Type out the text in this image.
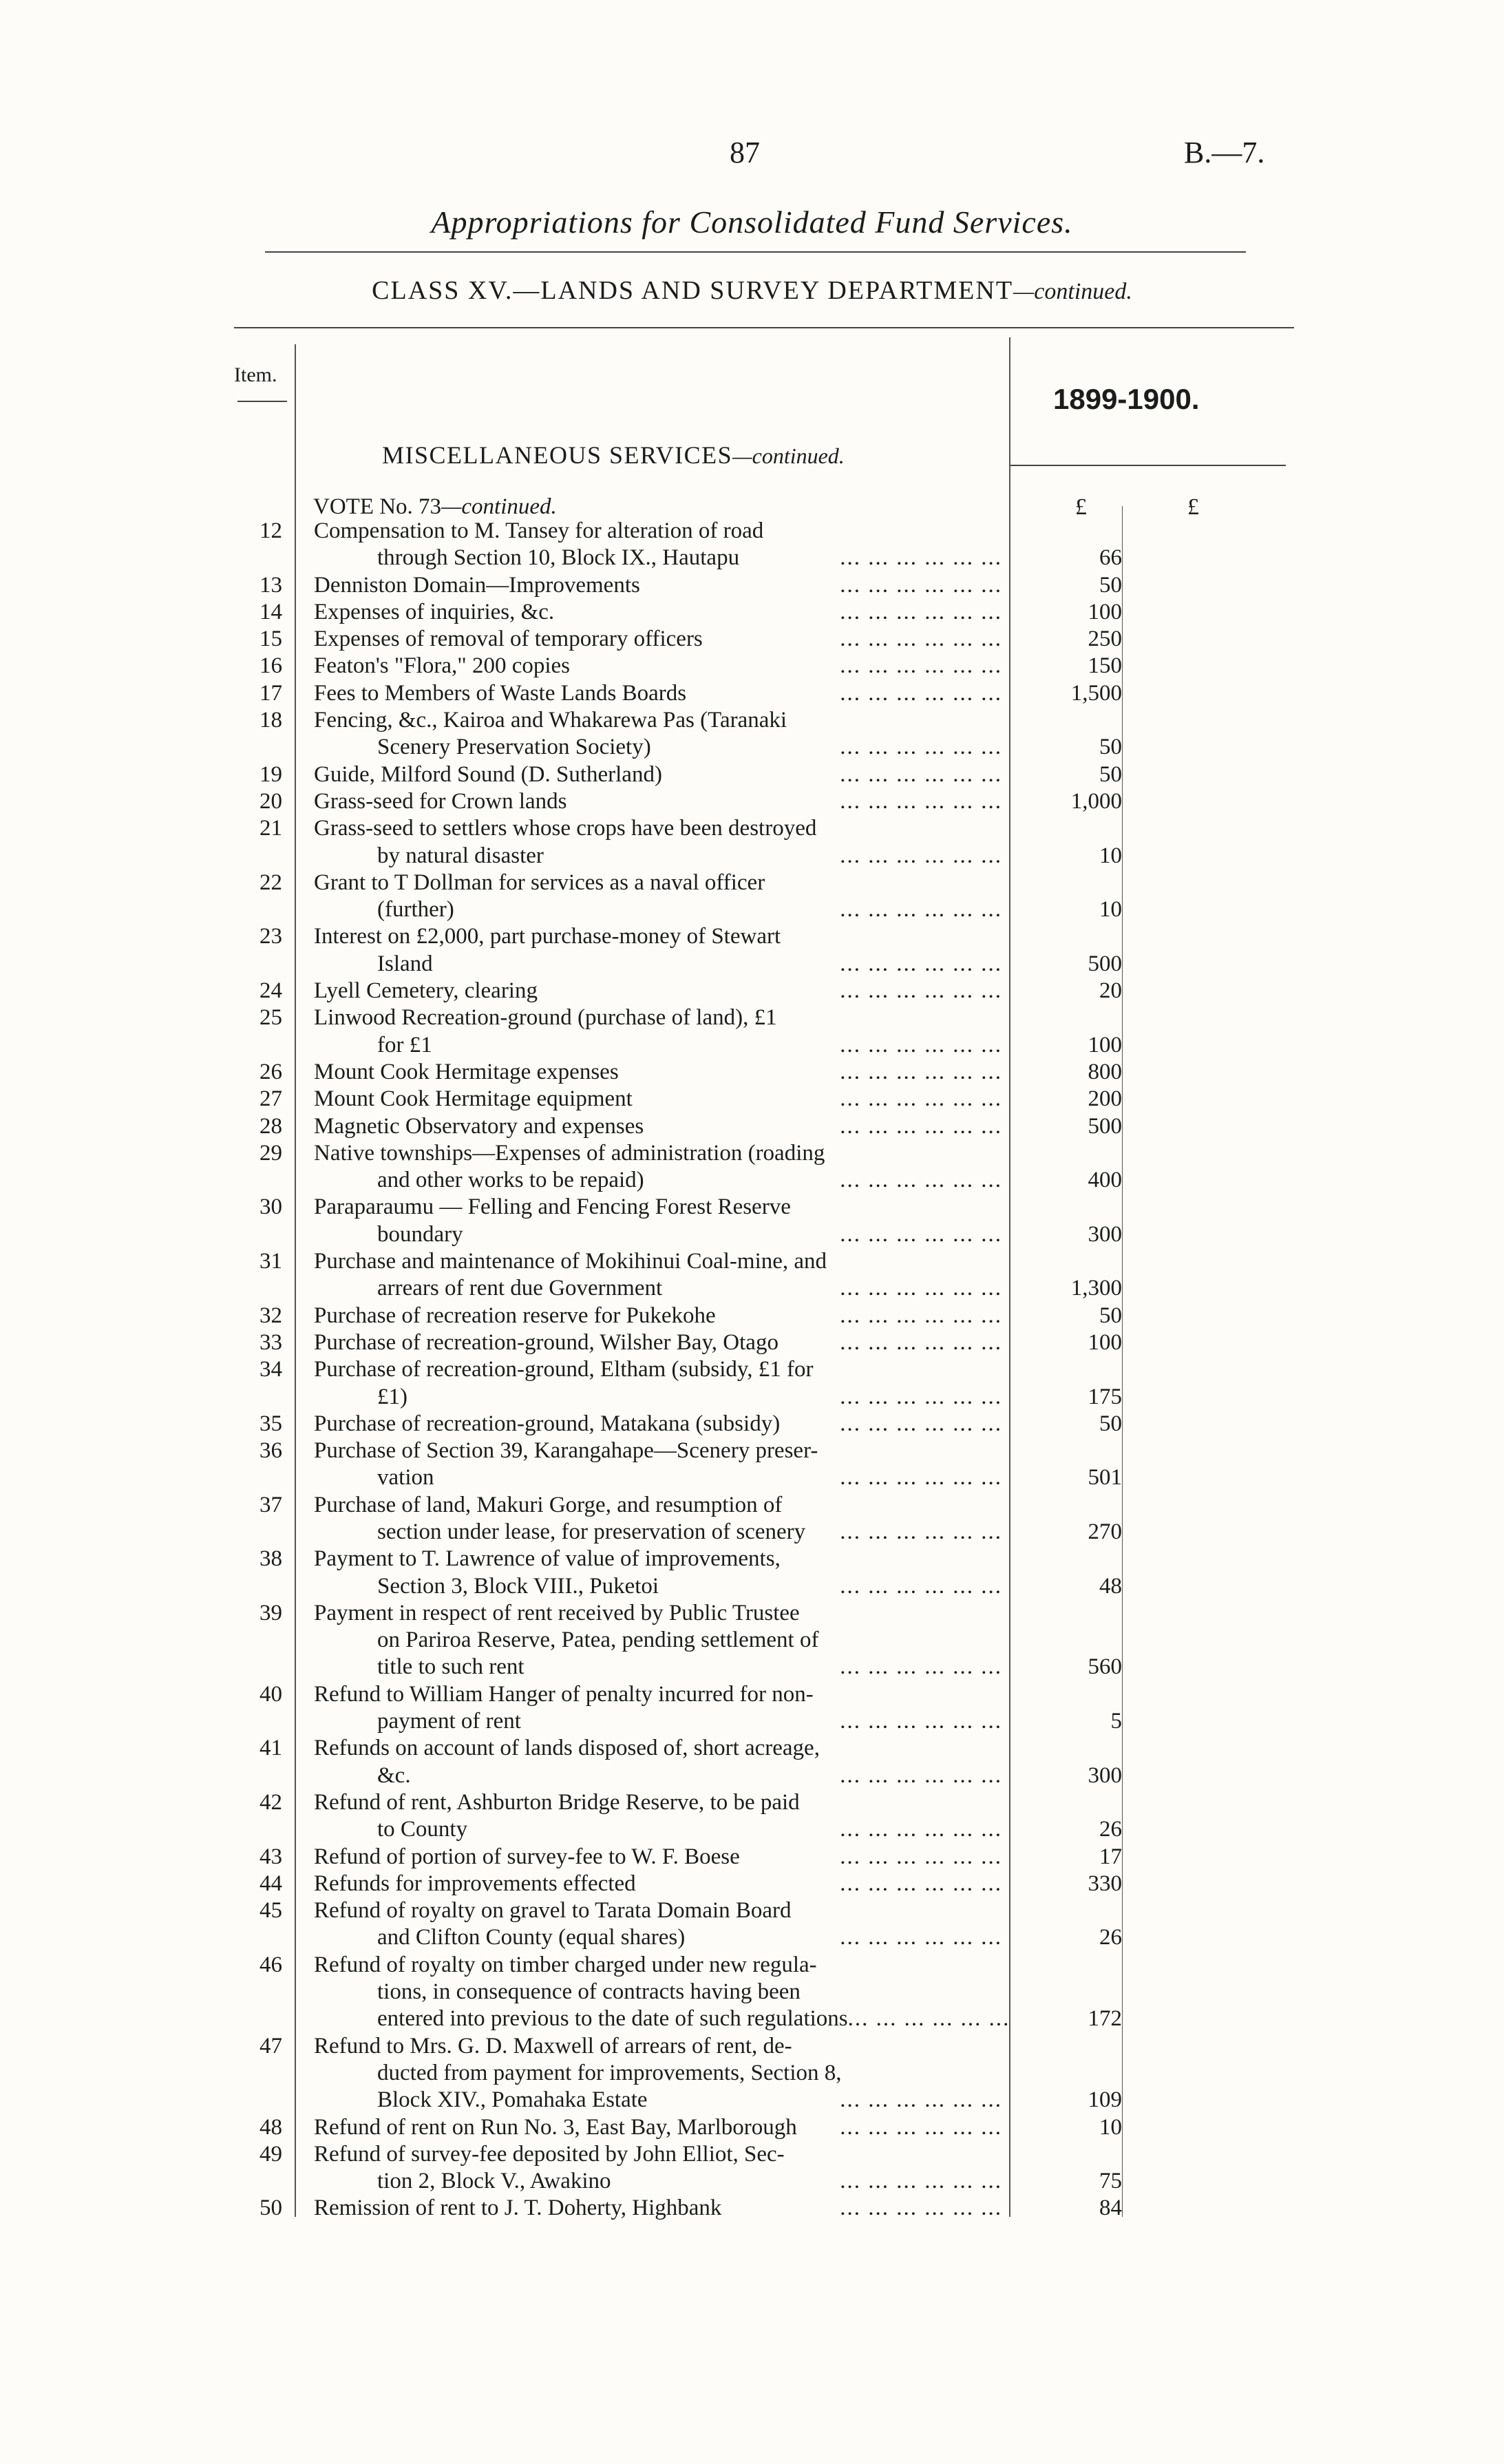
87	B.—7.
Appropriations for Consolidated Fund Services.
CLASS XV.—LANDS AND SURVEY DEPARTMENT—continued.
Item.
1899-1900.
MISCELLANEOUS SERVICES—continued.
VOTE No. 73—continued.	£	£
12 Compensation to M. Tansey for alteration of road
through Section 10, Block IX., Hautapu	... ... ... ... ... ...	66
13 Denniston Domain—Improvements	... ... ... ... ... ...	50
14 Expenses of inquiries, &c.	... ... ... ... ... ...	100
15 Expenses of removal of temporary officers	... ... ... ... ... ...	250
16 Featon's "Flora," 200 copies	... ... ... ... ... ...	150
17 Fees to Members of Waste Lands Boards	... ... ... ... ... ...	1,500
18 Fencing, &c., Kairoa and Whakarewa Pas (Taranaki
Scenery Preservation Society)	... ... ... ... ... ...	50
19 Guide, Milford Sound (D. Sutherland)	... ... ... ... ... ...	50
20 Grass-seed for Crown lands	... ... ... ... ... ...	1,000
21 Grass-seed to settlers whose crops have been destroyed
by natural disaster	... ... ... ... ... ...	10
22 Grant to T Dollman for services as a naval officer
(further)	... ... ... ... ... ...	10
23 Interest on £2,000, part purchase-money of Stewart
Island	... ... ... ... ... ...	500
24 Lyell Cemetery, clearing	... ... ... ... ... ...	20
25 Linwood Recreation-ground (purchase of land), £1
for £1	... ... ... ... ... ...	100
26 Mount Cook Hermitage expenses	... ... ... ... ... ...	800
27 Mount Cook Hermitage equipment	... ... ... ... ... ...	200
28 Magnetic Observatory and expenses	... ... ... ... ... ...	500
29 Native townships—Expenses of administration (roading
and other works to be repaid)	... ... ... ... ... ...	400
30 Paraparaumu — Felling and Fencing Forest Reserve
boundary	... ... ... ... ... ...	300
31 Purchase and maintenance of Mokihinui Coal-mine, and
arrears of rent due Government	... ... ... ... ... ...	1,300
32 Purchase of recreation reserve for Pukekohe	... ... ... ... ... ...	50
33 Purchase of recreation-ground, Wilsher Bay, Otago	... ... ... ... ... ...	100
34 Purchase of recreation-ground, Eltham (subsidy, £1 for
£1)	... ... ... ... ... ...	175
35 Purchase of recreation-ground, Matakana (subsidy)	... ... ... ... ... ...	50
36 Purchase of Section 39, Karangahape—Scenery preser-
vation	... ... ... ... ... ...	501
37 Purchase of land, Makuri Gorge, and resumption of
section under lease, for preservation of scenery	... ... ... ... ... ...	270
38 Payment to T. Lawrence of value of improvements,
Section 3, Block VIII., Puketoi	... ... ... ... ... ...	48
39 Payment in respect of rent received by Public Trustee
on Pariroa Reserve, Patea, pending settlement of
title to such rent	... ... ... ... ... ...	560
40 Refund to William Hanger of penalty incurred for non-
payment of rent	... ... ... ... ... ...	5
41 Refunds on account of lands disposed of, short acreage,
&c.	... ... ... ... ... ...	300
42 Refund of rent, Ashburton Bridge Reserve, to be paid
to County	... ... ... ... ... ...	26
43 Refund of portion of survey-fee to W. F. Boese	... ... ... ... ... ...	17
44 Refunds for improvements effected	... ... ... ... ... ...	330
45 Refund of royalty on gravel to Tarata Domain Board
and Clifton County (equal shares)	... ... ... ... ... ...	26
46 Refund of royalty on timber charged under new regula-
tions, in consequence of contracts having been
entered into previous to the date of such regulations ... ... ... ... ... ...	172
47 Refund to Mrs. G. D. Maxwell of arrears of rent, de-
ducted from payment for improvements, Section 8,
Block XIV., Pomahaka Estate	... ... ... ... ... ...	109
48 Refund of rent on Run No. 3, East Bay, Marlborough	... ... ... ... ... ...	10
49 Refund of survey-fee deposited by John Elliot, Sec-
tion 2, Block V., Awakino	... ... ... ... ... ...	75
50 Remission of rent to J. T. Doherty, Highbank	... ... ... ... ... ...	84
